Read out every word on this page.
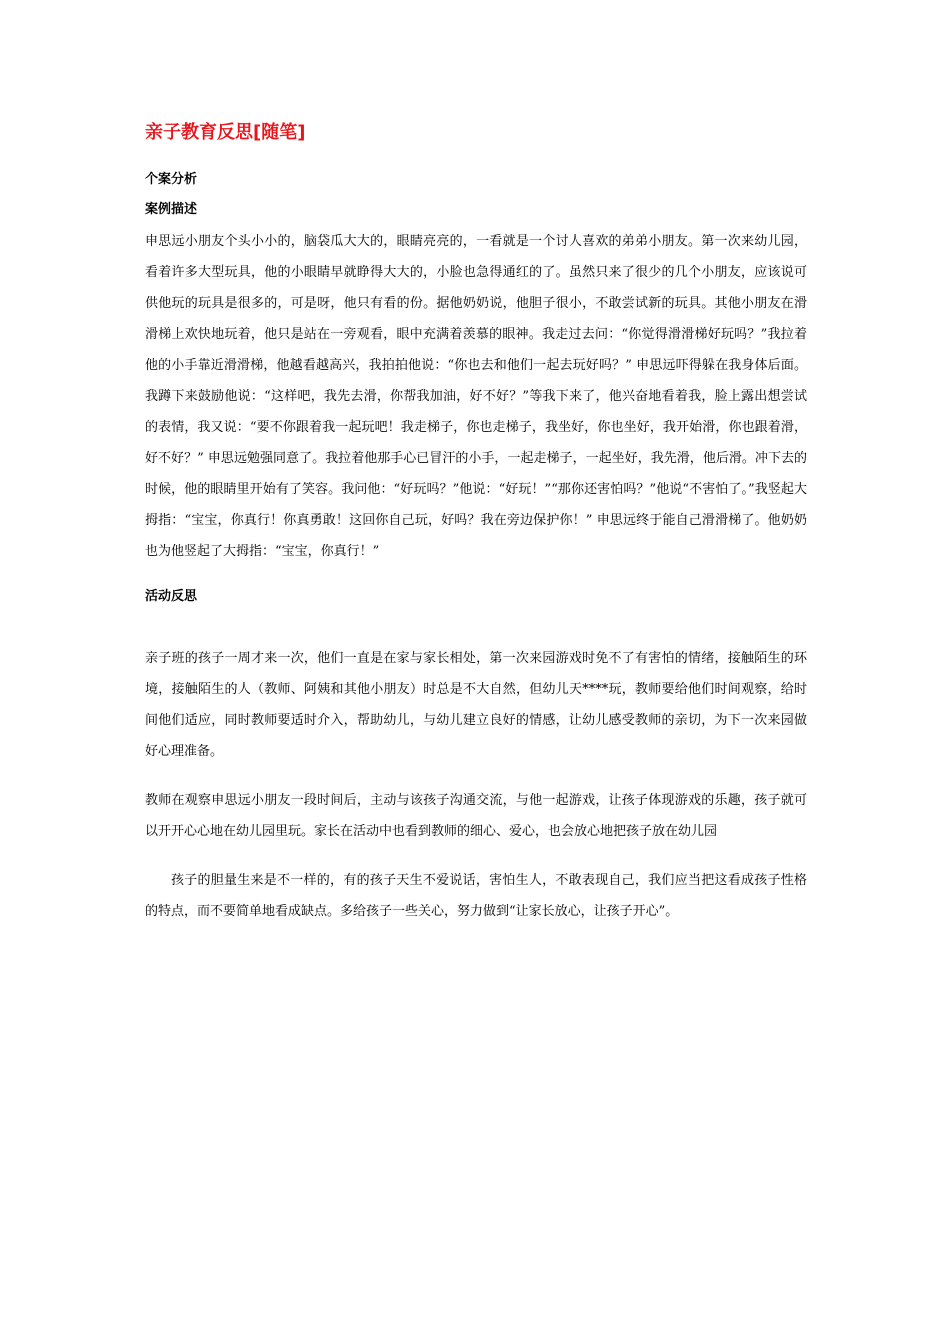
亲子教育反思[随笔]
个案分析
案例描述

申思远小朋友个头小小的，脑袋瓜大大的，眼睛亮亮的，一看就是一个讨人喜欢的弟弟小朋友。第一次来幼儿园，看着许多大型玩具，他的小眼睛早就睁得大大的，小脸也急得通红的了。虽然只来了很少的几个小朋友，应该说可供他玩的玩具是很多的，可是呀，他只有看的份。据他奶奶说，他胆子很小，不敢尝试新的玩具。其他小朋友在滑滑梯上欢快地玩着，他只是站在一旁观看，眼中充满着羡慕的眼神。我走过去问：“你觉得滑滑梯好玩吗？”我拉着他的小手靠近滑滑梯，他越看越高兴，我拍拍他说：“你也去和他们一起去玩好吗？” 申思远吓得躲在我身体后面。我蹲下来鼓励他说：“这样吧，我先去滑，你帮我加油，好不好？”等我下来了，他兴奋地看着我，脸上露出想尝试的表情，我又说：“要不你跟着我一起玩吧！我走梯子，你也走梯子，我坐好，你也坐好，我开始滑，你也跟着滑，好不好？” 申思远勉强同意了。我拉着他那手心已冒汗的小手，一起走梯子，一起坐好，我先滑，他后滑。冲下去的时候，他的眼睛里开始有了笑容。我问他：“好玩吗？”他说：“好玩！”“那你还害怕吗？”他说“不害怕了。”我竖起大拇指：“宝宝，你真行！你真勇敢！这回你自己玩，好吗？我在旁边保护你！” 申思远终于能自己滑滑梯了。他奶奶也为他竖起了大拇指：“宝宝，你真行！”

活动反思

亲子班的孩子一周才来一次，他们一直是在家与家长相处，第一次来园游戏时免不了有害怕的情绪，接触陌生的环境，接触陌生的人（教师、阿姨和其他小朋友）时总是不大自然，但幼儿天****玩，教师要给他们时间观察，给时间他们适应，同时教师要适时介入，帮助幼儿，与幼儿建立良好的情感，让幼儿感受教师的亲切，为下一次来园做好心理准备。

教师在观察申思远小朋友一段时间后，主动与该孩子沟通交流，与他一起游戏，让孩子体现游戏的乐趣，孩子就可以开开心心地在幼儿园里玩。家长在活动中也看到教师的细心、爱心，也会放心地把孩子放在幼儿园

孩子的胆量生来是不一样的，有的孩子天生不爱说话，害怕生人，不敢表现自己，我们应当把这看成孩子性格的特点，而不要简单地看成缺点。多给孩子一些关心，努力做到“让家长放心，让孩子开心”。
